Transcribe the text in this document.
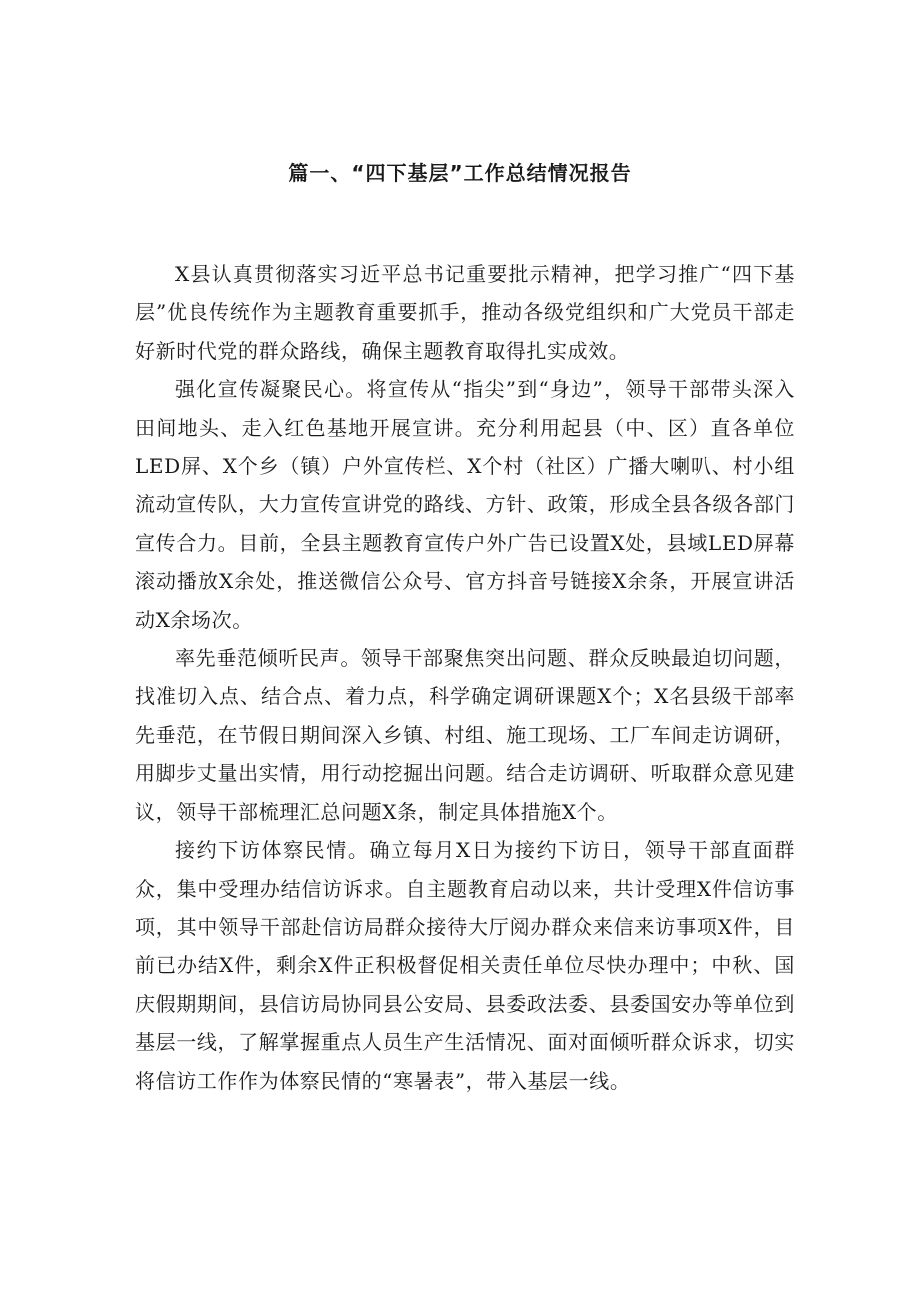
篇一、“四下基层”工作总结情况报告

X县认真贯彻落实习近平总书记重要批示精神，把学习推广“四下基层”优良传统作为主题教育重要抓手，推动各级党组织和广大党员干部走好新时代党的群众路线，确保主题教育取得扎实成效。

强化宣传凝聚民心。将宣传从“指尖”到“身边”，领导干部带头深入田间地头、走入红色基地开展宣讲。充分利用起县（中、区）直各单位LED屏、X个乡（镇）户外宣传栏、X个村（社区）广播大喇叭、村小组流动宣传队，大力宣传宣讲党的路线、方针、政策，形成全县各级各部门宣传合力。目前，全县主题教育宣传户外广告已设置X处，县域LED屏幕滚动播放X余处，推送微信公众号、官方抖音号链接X余条，开展宣讲活动X余场次。

率先垂范倾听民声。领导干部聚焦突出问题、群众反映最迫切问题，找准切入点、结合点、着力点，科学确定调研课题X个；X名县级干部率先垂范，在节假日期间深入乡镇、村组、施工现场、工厂车间走访调研，用脚步丈量出实情，用行动挖掘出问题。结合走访调研、听取群众意见建议，领导干部梳理汇总问题X条，制定具体措施X个。

接约下访体察民情。确立每月X日为接约下访日，领导干部直面群众，集中受理办结信访诉求。自主题教育启动以来，共计受理X件信访事项，其中领导干部赴信访局群众接待大厅阅办群众来信来访事项X件，目前已办结X件，剩余X件正积极督促相关责任单位尽快办理中；中秋、国庆假期期间，县信访局协同县公安局、县委政法委、县委国安办等单位到基层一线，了解掌握重点人员生产生活情况、面对面倾听群众诉求，切实将信访工作作为体察民情的“寒暑表”，带入基层一线。
